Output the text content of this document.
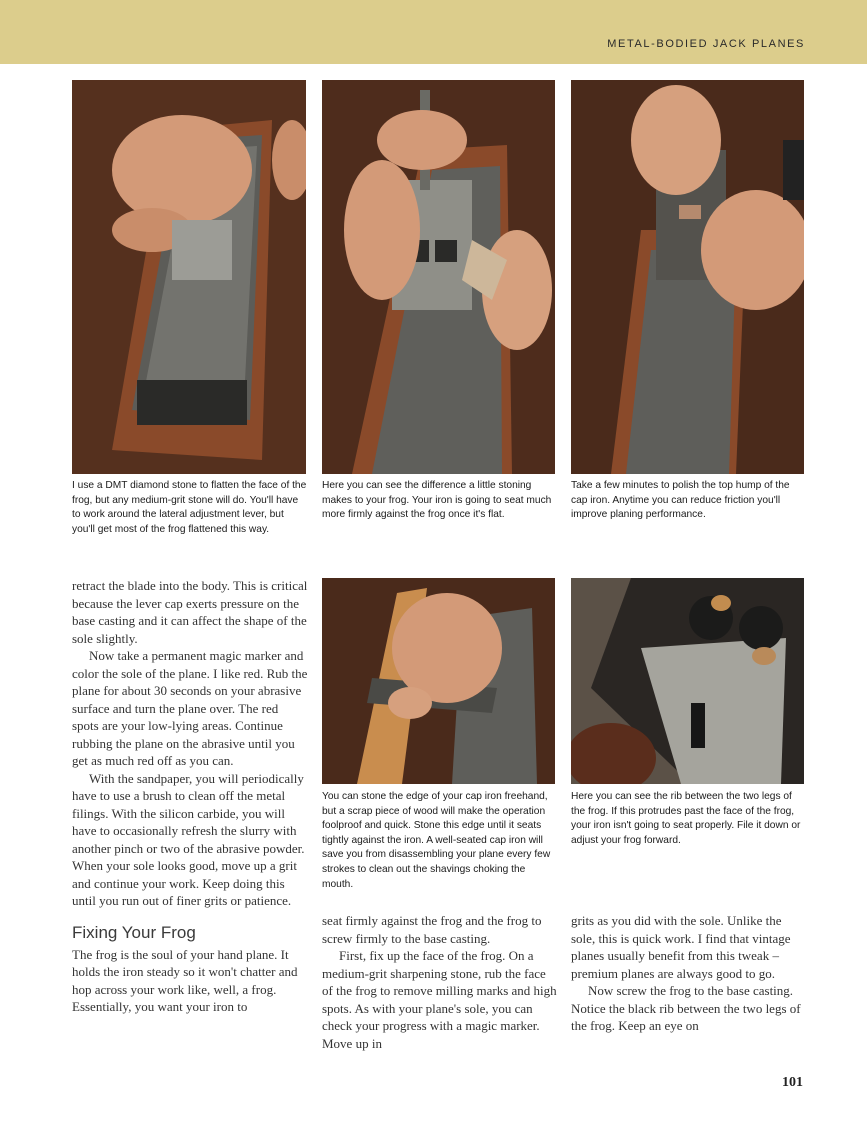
METAL-BODIED JACK PLANES
I use a DMT diamond stone to flatten the face of the frog, but any medium-grit stone will do. You'll have to work around the lateral adjustment lever, but you'll get most of the frog flattened this way.
Here you can see the difference a little stoning makes to your frog. Your iron is going to seat much more firmly against the frog once it's flat.
Take a few minutes to polish the top hump of the cap iron. Anytime you can reduce friction you'll improve planing performance.
You can stone the edge of your cap iron freehand, but a scrap piece of wood will make the operation foolproof and quick. Stone this edge until it seats tightly against the iron. A well-seated cap iron will save you from disassembling your plane every few strokes to clean out the shavings choking the mouth.
Here you can see the rib between the two legs of the frog. If this protrudes past the face of the frog, your iron isn't going to seat properly. File it down or adjust your frog forward.

retract the blade into the body. This is critical because the lever cap exerts pressure on the base casting and it can affect the shape of the sole slightly.

Now take a permanent magic marker and color the sole of the plane. I like red. Rub the plane for about 30 seconds on your abrasive surface and turn the plane over. The red spots are your low-lying areas. Continue rubbing the plane on the abrasive until you get as much red off as you can.

With the sandpaper, you will periodically have to use a brush to clean off the metal filings. With the silicon carbide, you will have to occasionally refresh the slurry with another pinch or two of the abrasive powder. When your sole looks good, move up a grit and continue your work. Keep doing this until you run out of finer grits or patience.

Fixing Your Frog

The frog is the soul of your hand plane. It holds the iron steady so it won't chatter and hop across your work like, well, a frog. Essentially, you want your iron to

seat firmly against the frog and the frog to screw firmly to the base casting.

First, fix up the face of the frog. On a medium-grit sharpening stone, rub the face of the frog to remove milling marks and high spots. As with your plane's sole, you can check your progress with a magic marker. Move up in

grits as you did with the sole. Unlike the sole, this is quick work. I find that vintage planes usually benefit from this tweak – premium planes are always good to go.

Now screw the frog to the base casting. Notice the black rib between the two legs of the frog. Keep an eye on

101
